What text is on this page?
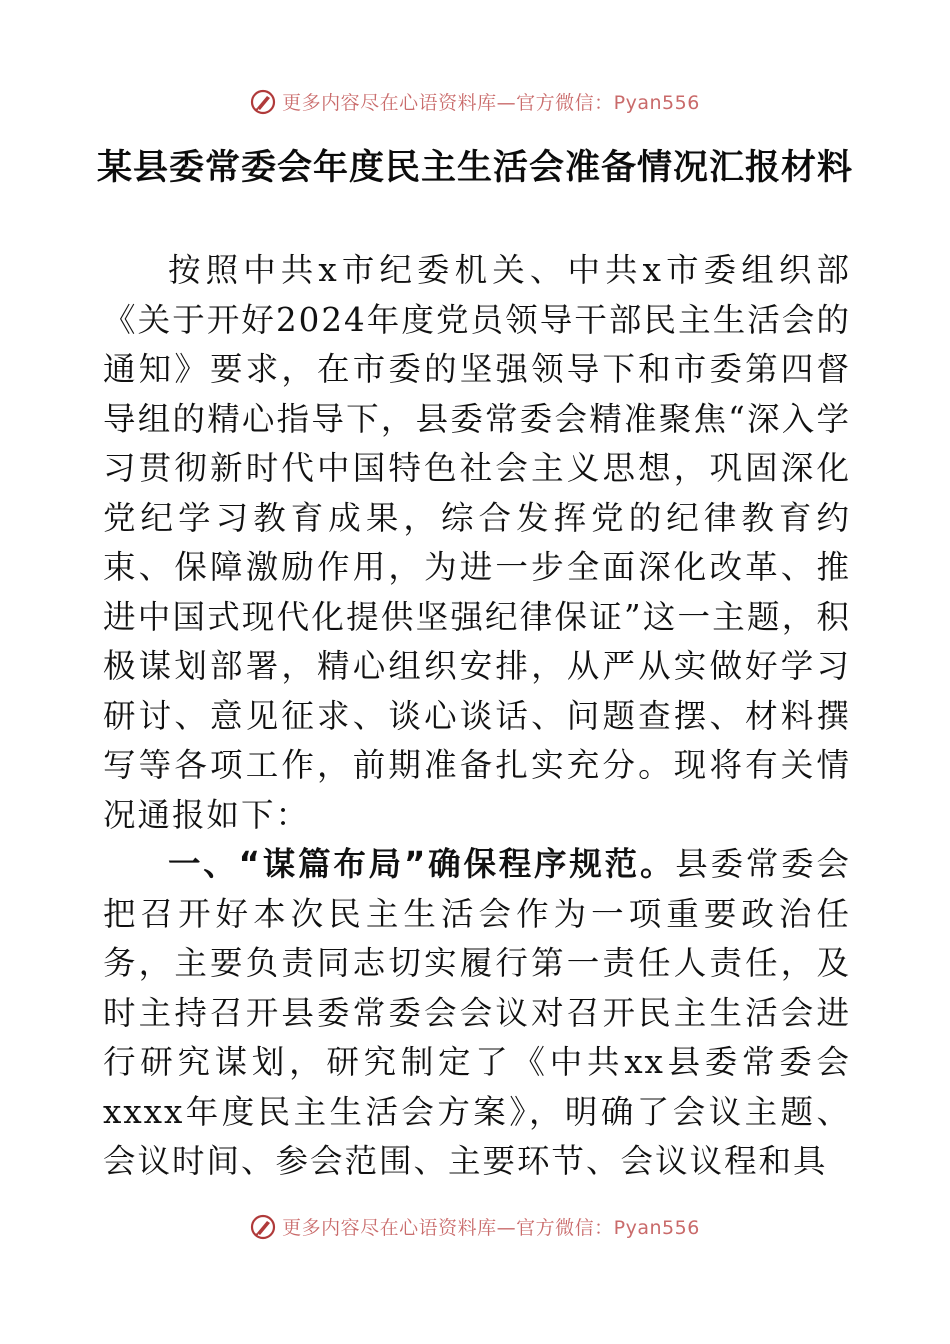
更多内容尽在心语资料库—官方微信：Pyan556
某县委常委会年度民主生活会准备情况汇报材料

按照中共x市纪委机关、中共x市委组织部《关于开好2024年度党员领导干部民主生活会的通知》要求，在市委的坚强领导下和市委第四督导组的精心指导下，县委常委会精准聚焦“深入学习贯彻新时代中国特色社会主义思想，巩固深化党纪学习教育成果，综合发挥党的纪律教育约束、保障激励作用，为进一步全面深化改革、推进中国式现代化提供坚强纪律保证”这一主题，积极谋划部署，精心组织安排，从严从实做好学习研讨、意见征求、谈心谈话、问题查摆、材料撰写等各项工作，前期准备扎实充分。现将有关情况通报如下：

一、“谋篇布局”确保程序规范。县委常委会把召开好本次民主生活会作为一项重要政治任务，主要负责同志切实履行第一责任人责任，及时主持召开县委常委会会议对召开民主生活会进行研究谋划，研究制定了《中共xx县委常委会xxxx年度民主生活会方案》，明确了会议主题、会议时间、参会范围、主要环节、会议议程和具

更多内容尽在心语资料库—官方微信：Pyan556
